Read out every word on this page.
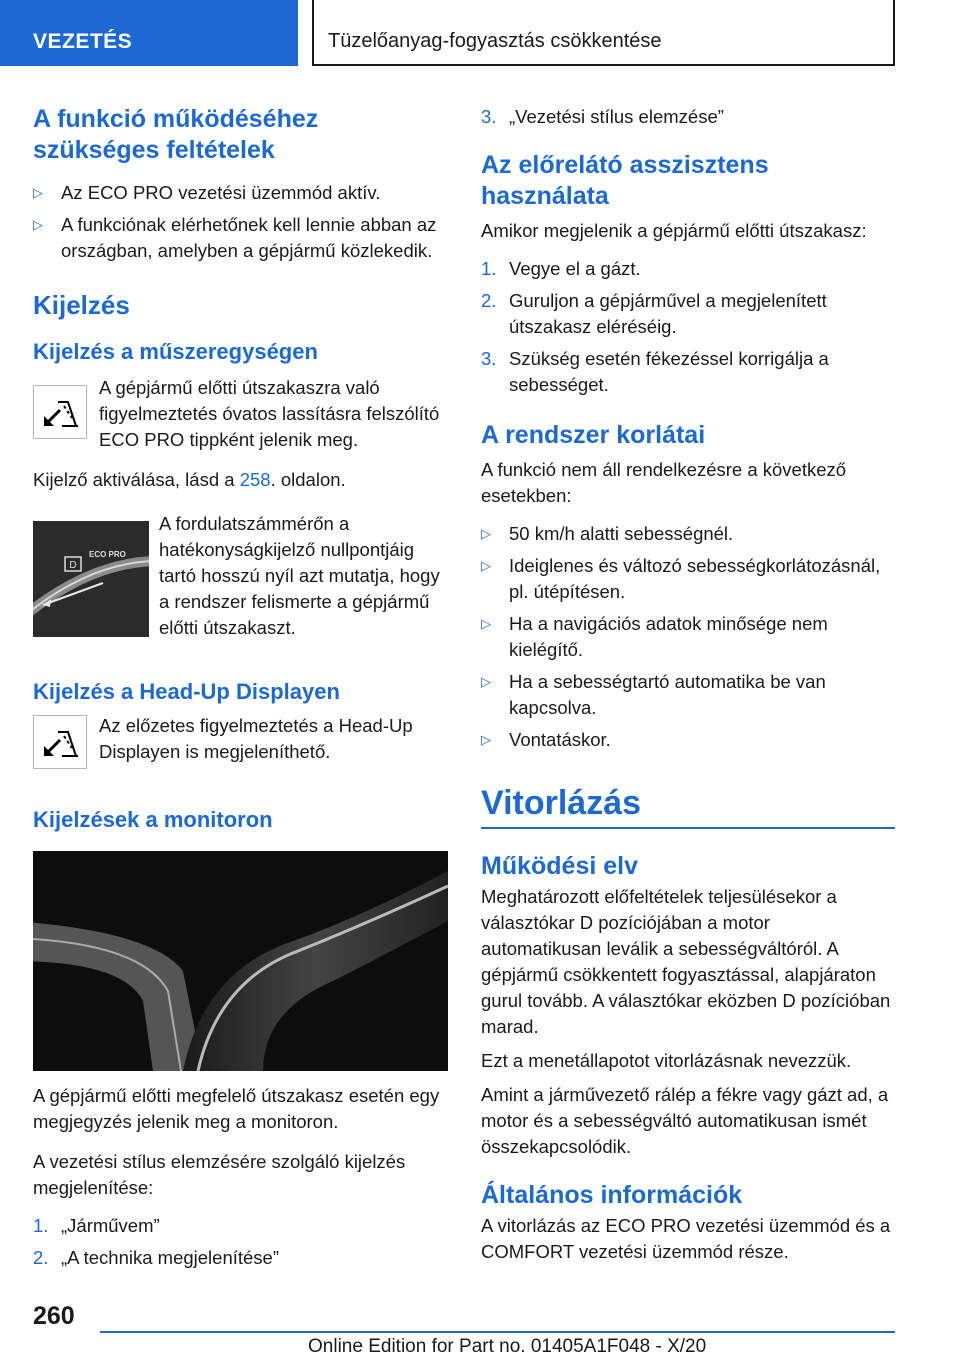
VEZETÉS	Tüzelőanyag-fogyasztás csökkentése
A funkció működéséhez szükséges feltételek
▷ Az ECO PRO vezetési üzemmód aktív.
▷ A funkciónak elérhetőnek kell lennie abban az országban, amelyben a gépjármű közlekedik.
Kijelzés
Kijelzés a műszeregységen
A gépjármű előtti útszakaszra való figyelmeztetés óvatos lassításra felszólító ECO PRO tippként jelenik meg.
Kijelző aktiválása, lásd a 258. oldalon.
D
ECO PRO
A fordulatszámmérőn a hatékonyságkijelző nullpontjáig tartó hosszú nyíl azt mutatja, hogy a rendszer felismerte a gépjármű előtti útszakaszt.
Kijelzés a Head-Up Displayen
Az előzetes figyelmeztetés a Head-Up Displayen is megjeleníthető.
Kijelzések a monitoron
A gépjármű előtti megfelelő útszakasz esetén egy megjegyzés jelenik meg a monitoron.
A vezetési stílus elemzésére szolgáló kijelzés megjelenítése:
1. „Járművem”
2. „A technika megjelenítése”
3. „Vezetési stílus elemzése”
Az előrelátó asszisztens használata
Amikor megjelenik a gépjármű előtti útszakasz:
1. Vegye el a gázt.
2. Guruljon a gépjárművel a megjelenített útszakasz eléréséig.
3. Szükség esetén fékezéssel korrigálja a sebességet.
A rendszer korlátai
A funkció nem áll rendelkezésre a következő esetekben:
▷ 50 km/h alatti sebességnél.
▷ Ideiglenes és változó sebességkorlátozásnál, pl. útépítésen.
▷ Ha a navigációs adatok minősége nem kielégítő.
▷ Ha a sebességtartó automatika be van kapcsolva.
▷ Vontatáskor.
Vitorlázás
Működési elv
Meghatározott előfeltételek teljesülésekor a választókar D pozíciójában a motor automatikusan leválik a sebességváltóról. A gépjármű csökkentett fogyasztással, alapjáraton gurul tovább. A választókar eközben D pozícióban marad.
Ezt a menetállapotot vitorlázásnak nevezzük.
Amint a járművezető rálép a fékre vagy gázt ad, a motor és a sebességváltó automatikusan ismét összekapcsolódik.
Általános információk
A vitorlázás az ECO PRO vezetési üzemmód és a COMFORT vezetési üzemmód része.
260
Online Edition for Part no. 01405A1F048 - X/20
